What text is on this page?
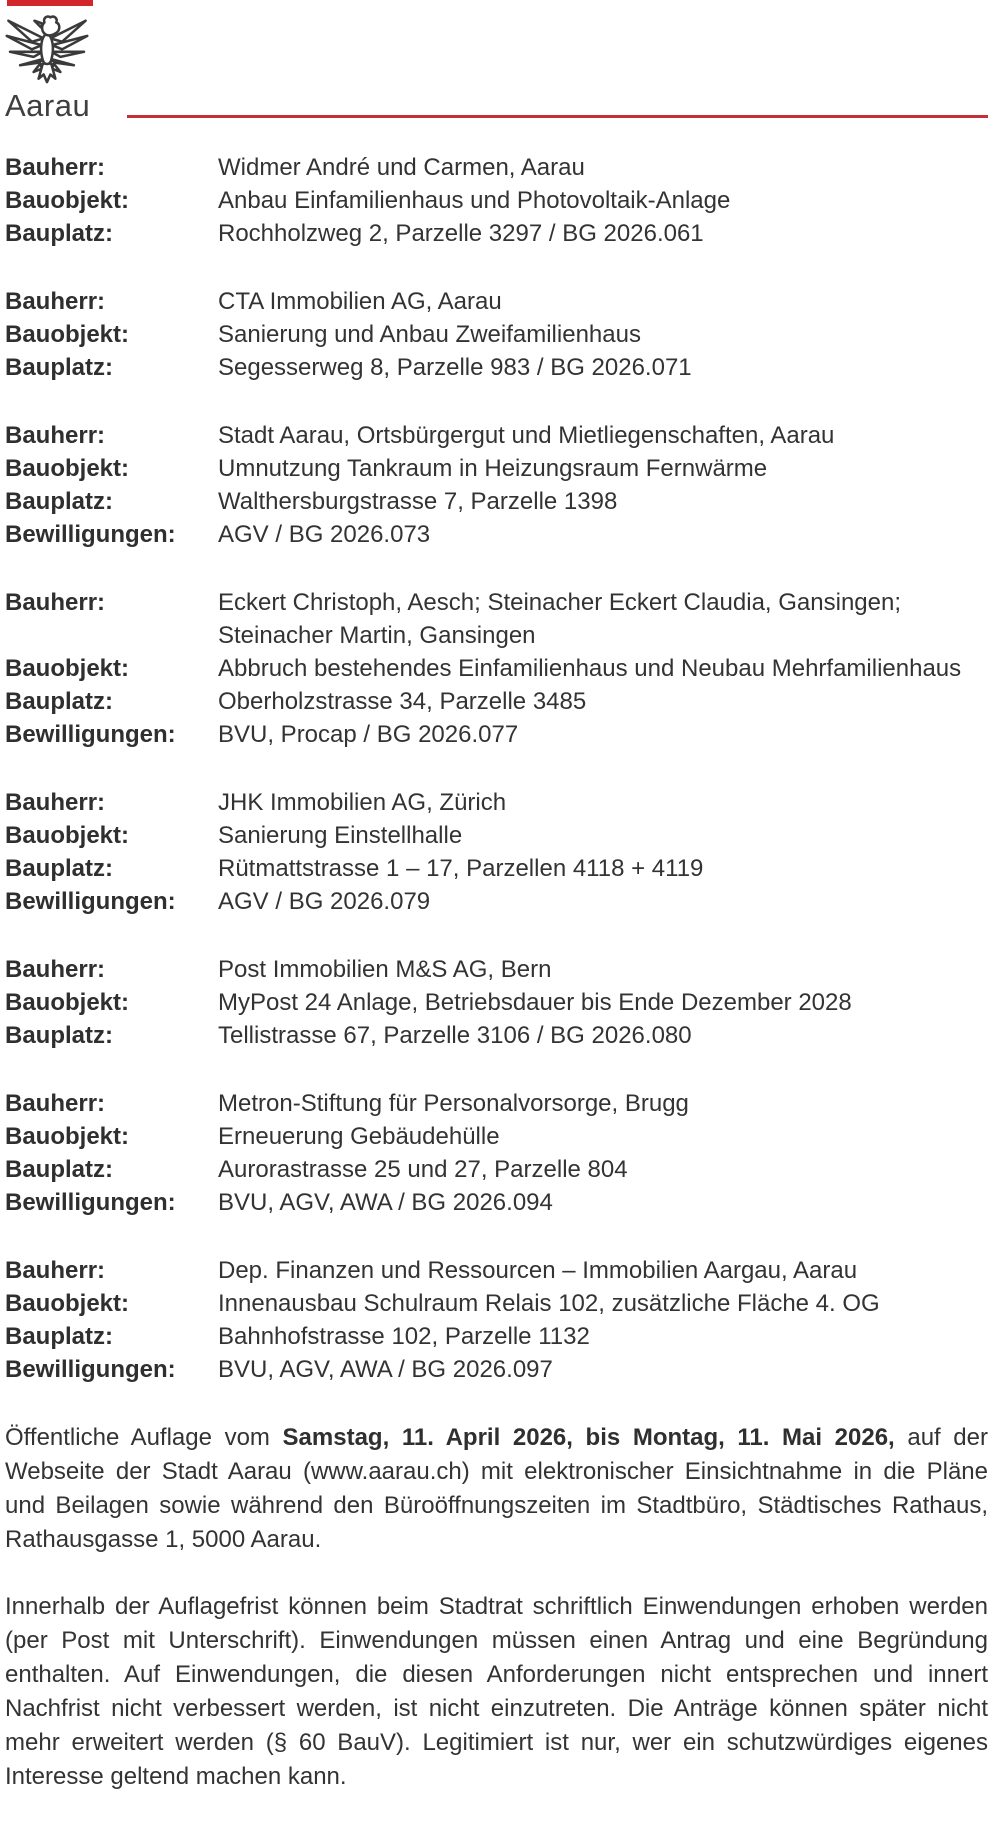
Aarau
Bauherr:	Widmer André und Carmen, Aarau
Bauobjekt:	Anbau Einfamilienhaus und Photovoltaik-Anlage
Bauplatz:	Rochholzweg 2, Parzelle 3297 / BG 2026.061
Bauherr:	CTA Immobilien AG, Aarau
Bauobjekt:	Sanierung und Anbau Zweifamilienhaus
Bauplatz:	Segesserweg 8, Parzelle 983 / BG 2026.071
Bauherr:	Stadt Aarau, Ortsbürgergut und Mietliegenschaften, Aarau
Bauobjekt:	Umnutzung Tankraum in Heizungsraum Fernwärme
Bauplatz:	Walthersburgstrasse 7, Parzelle 1398
Bewilligungen:	AGV / BG 2026.073
Bauherr:	Eckert Christoph, Aesch; Steinacher Eckert Claudia, Gansingen; Steinacher Martin, Gansingen
Bauobjekt:	Abbruch bestehendes Einfamilienhaus und Neubau Mehrfamilienhaus
Bauplatz:	Oberholzstrasse 34, Parzelle 3485
Bewilligungen:	BVU, Procap / BG 2026.077
Bauherr:	JHK Immobilien AG, Zürich
Bauobjekt:	Sanierung Einstellhalle
Bauplatz:	Rütmattstrasse 1 – 17, Parzellen 4118 + 4119
Bewilligungen:	AGV / BG 2026.079
Bauherr:	Post Immobilien M&S AG, Bern
Bauobjekt:	MyPost 24 Anlage, Betriebsdauer bis Ende Dezember 2028
Bauplatz:	Tellistrasse 67, Parzelle 3106 / BG 2026.080
Bauherr:	Metron-Stiftung für Personalvorsorge, Brugg
Bauobjekt:	Erneuerung Gebäudehülle
Bauplatz:	Aurorastrasse 25 und 27, Parzelle 804
Bewilligungen:	BVU, AGV, AWA / BG 2026.094
Bauherr:	Dep. Finanzen und Ressourcen – Immobilien Aargau, Aarau
Bauobjekt:	Innenausbau Schulraum Relais 102, zusätzliche Fläche 4. OG
Bauplatz:	Bahnhofstrasse 102, Parzelle 1132
Bewilligungen:	BVU, AGV, AWA / BG 2026.097

Öffentliche Auflage vom Samstag, 11. April 2026, bis Montag, 11. Mai 2026, auf der Webseite der Stadt Aarau (www.aarau.ch) mit elektronischer Einsichtnahme in die Pläne und Beilagen sowie während den Büroöffnungszeiten im Stadtbüro, Städtisches Rathaus, Rathausgasse 1, 5000 Aarau.

Innerhalb der Auflagefrist können beim Stadtrat schriftlich Einwendungen erhoben werden (per Post mit Unterschrift). Einwendungen müssen einen Antrag und eine Begründung enthalten. Auf Einwendungen, die diesen Anforderungen nicht entsprechen und innert Nachfrist nicht verbessert werden, ist nicht einzutreten. Die Anträge können später nicht mehr erweitert werden (§ 60 BauV). Legitimiert ist nur, wer ein schutzwürdiges eigenes Interesse geltend machen kann.
